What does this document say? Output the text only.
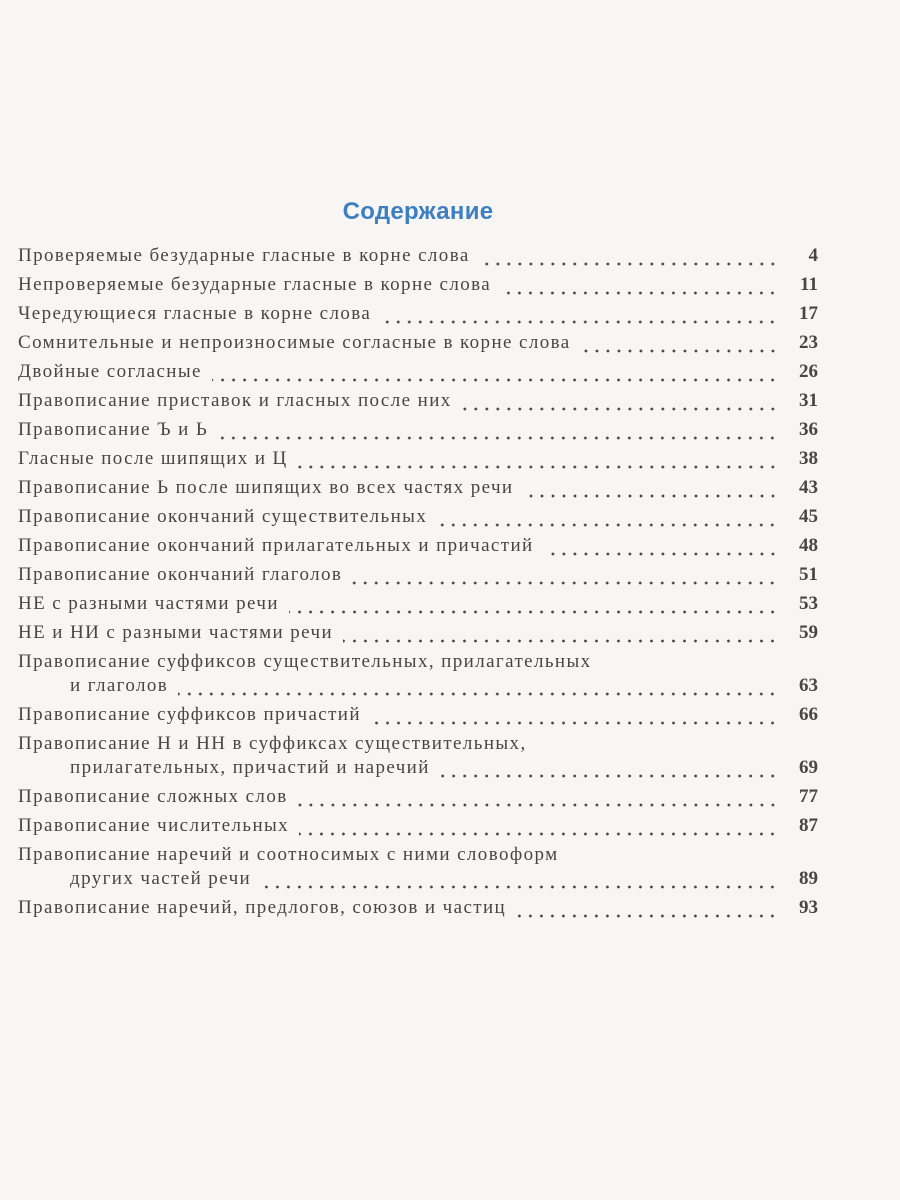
Содержание
Проверяемые безударные гласные в корне слова	4
Непроверяемые безударные гласные в корне слова	11
Чередующиеся гласные в корне слова	17
Сомнительные и непроизносимые согласные в корне слова	23
Двойные согласные	26
Правописание приставок и гласных после них	31
Правописание Ъ и Ь	36
Гласные после шипящих и Ц	38
Правописание Ь после шипящих во всех частях речи	43
Правописание окончаний существительных	45
Правописание окончаний прилагательных и причастий	48
Правописание окончаний глаголов	51
НЕ с разными частями речи	53
НЕ и НИ с разными частями речи	59
Правописание суффиксов существительных, прилагательных
и глаголов	63
Правописание суффиксов причастий	66
Правописание Н и НН в суффиксах существительных,
прилагательных, причастий и наречий	69
Правописание сложных слов	77
Правописание числительных	87
Правописание наречий и соотносимых с ними словоформ
других частей речи	89
Правописание наречий, предлогов, союзов и частиц	93
